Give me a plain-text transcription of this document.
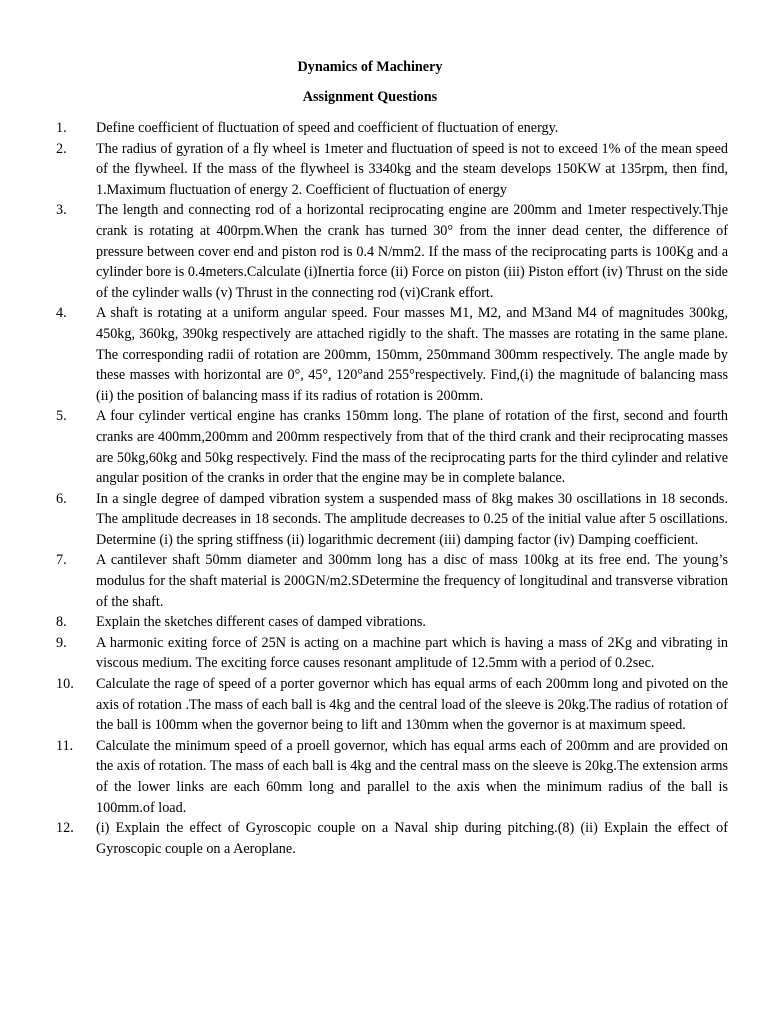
Dynamics of Machinery
Assignment Questions
1.	Define coefficient of fluctuation of speed and coefficient of fluctuation of energy.
2.	The radius of gyration of a fly wheel is 1meter and fluctuation of speed is not to exceed 1% of the mean speed of the flywheel. If the mass of the flywheel is 3340kg and the steam develops 150KW at 135rpm, then find, 1.Maximum fluctuation of energy 2. Coefficient of fluctuation of energy
3.	The length and connecting rod of a horizontal reciprocating engine are 200mm and 1meter respectively.Thje crank is rotating at 400rpm.When the crank has turned 30° from the inner dead center, the difference of pressure between cover end and piston rod is 0.4 N/mm2. If the mass of the reciprocating parts is 100Kg and a cylinder bore is 0.4meters.Calculate (i)Inertia force (ii) Force on piston (iii) Piston effort (iv) Thrust on the side of the cylinder walls (v) Thrust in the connecting rod (vi)Crank effort.
4.	A shaft is rotating at a uniform angular speed. Four masses M1, M2, and M3and M4 of magnitudes 300kg, 450kg, 360kg, 390kg respectively are attached rigidly to the shaft. The masses are rotating in the same plane. The corresponding radii of rotation are 200mm, 150mm, 250mmand 300mm respectively. The angle made by these masses with horizontal are 0°, 45°, 120°and 255°respectively. Find,(i) the magnitude of balancing mass (ii) the position of balancing mass if its radius of rotation is 200mm.
5.	A four cylinder vertical engine has cranks 150mm long. The plane of rotation of the first, second and fourth cranks are 400mm,200mm and 200mm respectively from that of the third crank and their reciprocating masses are 50kg,60kg and 50kg respectively. Find the mass of the reciprocating parts for the third cylinder and relative angular position of the cranks in order that the engine may be in complete balance.
6.	In a single degree of damped vibration system a suspended mass of 8kg makes 30 oscillations in 18 seconds. The amplitude decreases in 18 seconds. The amplitude decreases to 0.25 of the initial value after 5 oscillations. Determine (i) the spring stiffness (ii) logarithmic decrement (iii) damping factor (iv) Damping coefficient.
7.	A cantilever shaft 50mm diameter and 300mm long has a disc of mass 100kg at its free end. The young’s modulus for the shaft material is 200GN/m2.SDetermine the frequency of longitudinal and transverse vibration of the shaft.
8.	Explain the sketches different cases of damped vibrations.
9.	A harmonic exiting force of 25N is acting on a machine part which is having a mass of 2Kg and vibrating in viscous medium. The exciting force causes resonant amplitude of 12.5mm with a period of 0.2sec.
10.	Calculate the rage of speed of a porter governor which has equal arms of each 200mm long and pivoted on the axis of rotation .The mass of each ball is 4kg and the central load of the sleeve is 20kg.The radius of rotation of the ball is 100mm when the governor being to lift and 130mm when the governor is at maximum speed.
11.	Calculate the minimum speed of a proell governor, which has equal arms each of 200mm and are provided on the axis of rotation. The mass of each ball is 4kg and the central mass on the sleeve is 20kg.The extension arms of the lower links are each 60mm long and parallel to the axis when the minimum radius of the ball is 100mm.of load.
12.	(i) Explain the effect of Gyroscopic couple on a Naval ship during pitching.(8) (ii) Explain the effect of Gyroscopic couple on a Aeroplane.
